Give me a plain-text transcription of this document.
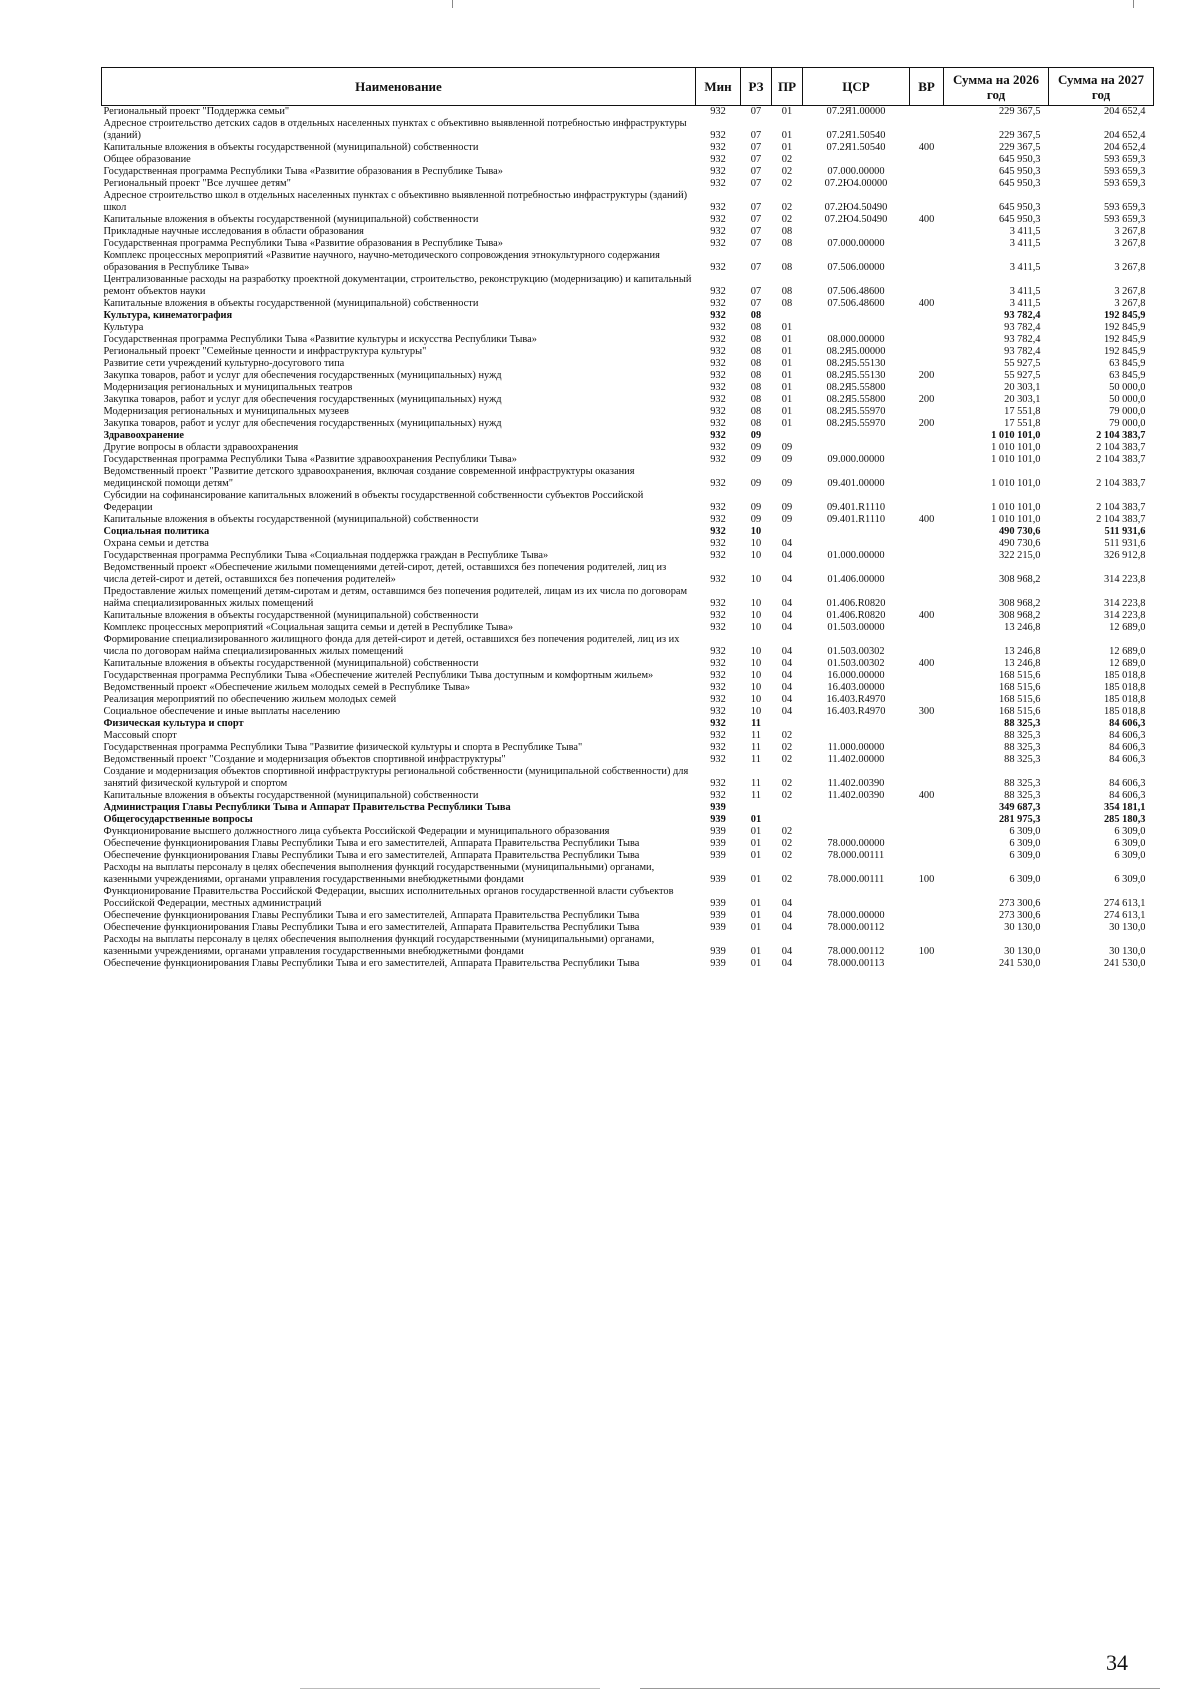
Наименование	Мин	РЗ	ПР	ЦСР	ВР	Сумма на 2026 год	Сумма на 2027 год
Региональный проект "Поддержка семьи"	932	07	01	07.2Я1.00000		229 367,5	204 652,4
Адресное строительство детских садов в отдельных населенных пунктах с объективно выявленной потребностью инфраструктуры (зданий)	932	07	01	07.2Я1.50540		229 367,5	204 652,4
Капитальные вложения в объекты государственной (муниципальной) собственности	932	07	01	07.2Я1.50540	400	229 367,5	204 652,4
Общее образование	932	07	02			645 950,3	593 659,3
Государственная программа Республики Тыва «Развитие образования в Республике Тыва»	932	07	02	07.000.00000		645 950,3	593 659,3
Региональный проект "Все лучшее детям"	932	07	02	07.2Ю4.00000		645 950,3	593 659,3
Адресное строительство школ в отдельных населенных пунктах с объективно выявленной потребностью инфраструктуры (зданий) школ	932	07	02	07.2Ю4.50490		645 950,3	593 659,3
Капитальные вложения в объекты государственной (муниципальной) собственности	932	07	02	07.2Ю4.50490	400	645 950,3	593 659,3
Прикладные научные исследования в области образования	932	07	08			3 411,5	3 267,8
Государственная программа Республики Тыва «Развитие образования в Республике Тыва»	932	07	08	07.000.00000		3 411,5	3 267,8
Комплекс процессных мероприятий «Развитие научного, научно-методического сопровождения этнокультурного содержания образования в Республике Тыва»	932	07	08	07.506.00000		3 411,5	3 267,8
Централизованные расходы на разработку проектной документации, строительство, реконструкцию (модернизацию) и капитальный ремонт объектов науки	932	07	08	07.506.48600		3 411,5	3 267,8
Капитальные вложения в объекты государственной (муниципальной) собственности	932	07	08	07.506.48600	400	3 411,5	3 267,8
Культура, кинематография	932	08				93 782,4	192 845,9
Культура	932	08	01			93 782,4	192 845,9
Государственная программа Республики Тыва «Развитие культуры и искусства Республики Тыва»	932	08	01	08.000.00000		93 782,4	192 845,9
Региональный проект "Семейные ценности и инфраструктура культуры"	932	08	01	08.2Я5.00000		93 782,4	192 845,9
Развитие сети учреждений культурно-досугового типа	932	08	01	08.2Я5.55130		55 927,5	63 845,9
Закупка товаров, работ и услуг для обеспечения государственных (муниципальных) нужд	932	08	01	08.2Я5.55130	200	55 927,5	63 845,9
Модернизация региональных и муниципальных театров	932	08	01	08.2Я5.55800		20 303,1	50 000,0
Закупка товаров, работ и услуг для обеспечения государственных (муниципальных) нужд	932	08	01	08.2Я5.55800	200	20 303,1	50 000,0
Модернизация региональных и муниципальных музеев	932	08	01	08.2Я5.55970		17 551,8	79 000,0
Закупка товаров, работ и услуг для обеспечения государственных (муниципальных) нужд	932	08	01	08.2Я5.55970	200	17 551,8	79 000,0
Здравоохранение	932	09				1 010 101,0	2 104 383,7
Другие вопросы в области здравоохранения	932	09	09			1 010 101,0	2 104 383,7
Государственная программа Республики Тыва «Развитие здравоохранения Республики Тыва»	932	09	09	09.000.00000		1 010 101,0	2 104 383,7
Ведомственный проект "Развитие детского здравоохранения, включая создание современной инфраструктуры оказания медицинской помощи детям"	932	09	09	09.401.00000		1 010 101,0	2 104 383,7
Субсидии на софинансирование капитальных вложений в объекты государственной собственности субъектов Российской Федерации	932	09	09	09.401.R1110		1 010 101,0	2 104 383,7
Капитальные вложения в объекты государственной (муниципальной) собственности	932	09	09	09.401.R1110	400	1 010 101,0	2 104 383,7
Социальная политика	932	10				490 730,6	511 931,6
Охрана семьи и детства	932	10	04			490 730,6	511 931,6
Государственная программа Республики Тыва «Социальная поддержка граждан в Республике Тыва»	932	10	04	01.000.00000		322 215,0	326 912,8
Ведомственный проект «Обеспечение жилыми помещениями детей-сирот, детей, оставшихся без попечения родителей, лиц из числа детей-сирот и детей, оставшихся без попечения родителей»	932	10	04	01.406.00000		308 968,2	314 223,8
Предоставление жилых помещений детям-сиротам и детям, оставшимся без попечения родителей, лицам из их числа по договорам найма специализированных жилых помещений	932	10	04	01.406.R0820		308 968,2	314 223,8
Капитальные вложения в объекты государственной (муниципальной) собственности	932	10	04	01.406.R0820	400	308 968,2	314 223,8
Комплекс процессных мероприятий «Социальная защита семьи и детей в Республике Тыва»	932	10	04	01.503.00000		13 246,8	12 689,0
Формирование специализированного жилищного фонда для детей-сирот и детей, оставшихся без попечения родителей, лиц из их числа по договорам найма специализированных жилых помещений	932	10	04	01.503.00302		13 246,8	12 689,0
Капитальные вложения в объекты государственной (муниципальной) собственности	932	10	04	01.503.00302	400	13 246,8	12 689,0
Государственная программа Республики Тыва «Обеспечение жителей Республики Тыва доступным и комфортным жильем»	932	10	04	16.000.00000		168 515,6	185 018,8
Ведомственный проект «Обеспечение жильем молодых семей в Республике Тыва»	932	10	04	16.403.00000		168 515,6	185 018,8
Реализация мероприятий по обеспечению жильем молодых семей	932	10	04	16.403.R4970		168 515,6	185 018,8
Социальное обеспечение и иные выплаты населению	932	10	04	16.403.R4970	300	168 515,6	185 018,8
Физическая культура и спорт	932	11				88 325,3	84 606,3
Массовый спорт	932	11	02			88 325,3	84 606,3
Государственная программа Республики Тыва "Развитие физической культуры и спорта в Республике Тыва"	932	11	02	11.000.00000		88 325,3	84 606,3
Ведомственный проект "Создание и модернизация объектов спортивной инфраструктуры"	932	11	02	11.402.00000		88 325,3	84 606,3
Создание и модернизация объектов спортивной инфраструктуры региональной собственности (муниципальной собственности) для занятий физической культурой и спортом	932	11	02	11.402.00390		88 325,3	84 606,3
Капитальные вложения в объекты государственной (муниципальной) собственности	932	11	02	11.402.00390	400	88 325,3	84 606,3
Администрация Главы Республики Тыва и Аппарат Правительства Республики Тыва	939					349 687,3	354 181,1
Общегосударственные вопросы	939	01				281 975,3	285 180,3
Функционирование высшего должностного лица субъекта Российской Федерации и муниципального образования	939	01	02			6 309,0	6 309,0
Обеспечение функционирования Главы Республики Тыва и его заместителей, Аппарата Правительства Республики Тыва	939	01	02	78.000.00000		6 309,0	6 309,0
Обеспечение функционирования Главы Республики Тыва и его заместителей, Аппарата Правительства Республики Тыва	939	01	02	78.000.00111		6 309,0	6 309,0
Расходы на выплаты персоналу в целях обеспечения выполнения функций государственными (муниципальными) органами, казенными учреждениями, органами управления государственными внебюджетными фондами	939	01	02	78.000.00111	100	6 309,0	6 309,0
Функционирование Правительства Российской Федерации, высших исполнительных органов государственной власти субъектов Российской Федерации, местных администраций	939	01	04			273 300,6	274 613,1
Обеспечение функционирования Главы Республики Тыва и его заместителей, Аппарата Правительства Республики Тыва	939	01	04	78.000.00000		273 300,6	274 613,1
Обеспечение функционирования Главы Республики Тыва и его заместителей, Аппарата Правительства Республики Тыва	939	01	04	78.000.00112		30 130,0	30 130,0
Расходы на выплаты персоналу в целях обеспечения выполнения функций государственными (муниципальными) органами, казенными учреждениями, органами управления государственными внебюджетными фондами	939	01	04	78.000.00112	100	30 130,0	30 130,0
Обеспечение функционирования Главы Республики Тыва и его заместителей, Аппарата Правительства Республики Тыва	939	01	04	78.000.00113		241 530,0	241 530,0
34
